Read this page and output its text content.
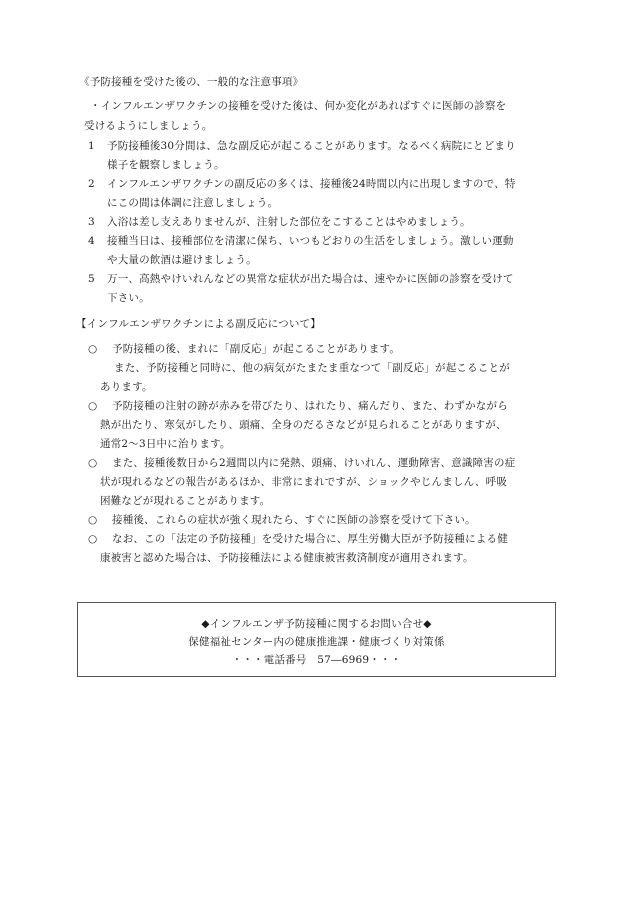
《予防接種を受けた後の、一般的な注意事項》
・インフルエンザワクチンの接種を受けた後は、何か変化があればすぐに医師の診察を
受けるようにしましょう。
1 予防接種後30分間は、急な副反応が起こることがあります。なるべく病院にとどまり
様子を観察しましょう。
2 インフルエンザワクチンの副反応の多くは、接種後24時間以内に出現しますので、特
にこの間は体調に注意しましょう。
3 入浴は差し支えありませんが、注射した部位をこすることはやめましょう。
4 接種当日は、接種部位を清潔に保ち、いつもどおりの生活をしましょう。激しい運動
や大量の飲酒は避けましょう。
5 万一、高熱やけいれんなどの異常な症状が出た場合は、速やかに医師の診察を受けて
下さい。
【インフルエンザワクチンによる副反応について】
○ 予防接種の後、まれに「副反応」が起こることがあります。
また、予防接種と同時に、他の病気がたまたま重なつて「副反応」が起こることが
あります。
○ 予防接種の注射の跡が赤みを帯びたり、はれたり、痛んだり、また、わずかながら
熱が出たり、寒気がしたり、頭痛、全身のだるさなどが見られることがありますが、
通常2〜3日中に治ります。
○ また、接種後数日から2週間以内に発熱、頭痛、けいれん、運動障害、意識障害の症
状が現れるなどの報告があるほか、非常にまれですが、ショックやじんましん、呼吸
困難などが現れることがあります。
○ 接種後、これらの症状が強く現れたら、すぐに医師の診察を受けて下さい。
○ なお、この「法定の予防接種」を受けた場合に、厚生労働大臣が予防接種による健
康被害と認めた場合は、予防接種法による健康被害救済制度が適用されます。
◆インフルエンザ予防接種に関するお問い合せ◆
保健福祉センター内の健康推進課・健康づくり対策係
・・・電話番号　57―6969・・・
